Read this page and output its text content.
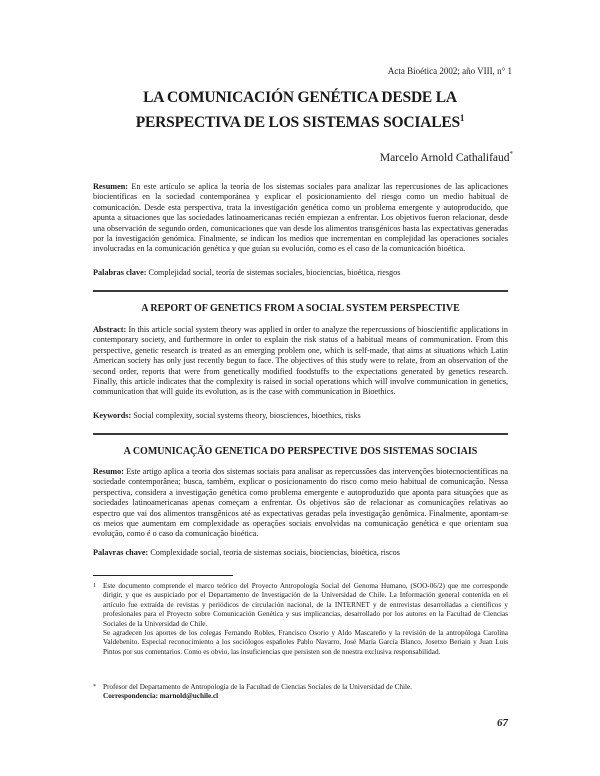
Acta Bioética 2002; año VIII, n° 1
LA COMUNICACIÓN GENÉTICA DESDE LA
PERSPECTIVA DE LOS SISTEMAS SOCIALES$^1$
Marcelo Arnold Cathalifaud*
Resumen: En este artículo se aplica la teoría de los sistemas sociales para analizar las repercusiones de las aplicaciones biocientíficas en la sociedad contemporánea y explicar el posicionamiento del riesgo como un medio habitual de comunicación. Desde esta perspectiva, trata la investigación genética como un problema emergente y autoproducido, que apunta a situaciones que las sociedades latinoamericanas recién empiezan a enfrentar. Los objetivos fueron relacionar, desde una observación de segundo orden, comunicaciones que van desde los alimentos transgénicos hasta las expectativas generadas por la investigación genómica. Finalmente, se indican los medios que incrementan en complejidad las operaciones sociales involucradas en la comunicación genética y que guían su evolución, como es el caso de la comunicación bioética.
Palabras clave: Complejidad social, teoría de sistemas sociales, biociencias, bioética, riesgos
A REPORT OF GENETICS FROM A SOCIAL SYSTEM PERSPECTIVE
Abstract: In this article social system theory was applied in order to analyze the repercussions of bioscientific applications in contemporary society, and furthermore in order to explain the risk status of a habitual means of communication. From this perspective, genetic research is treated as an emerging problem one, which is self-made, that aims at situations which Latin American society has only just recently begun to face. The objectives of this study were to relate, from an observation of the second order, reports that were from genetically modified foodstuffs to the expectations generated by genetics research. Finally, this article indicates that the complexity is raised in social operations which will involve communication in genetics, communication that will guide its evolution, as is the case with communication in Bioethics.
Keywords: Social complexity, social systems theory, biosciences, bioethics, risks
A COMUNICAÇÃO GENETICA DO PERSPECTIVE DOS SISTEMAS SOCIAIS
Resumo: Este artigo aplica a teoria dos sistemas sociais para analisar as repercussões das intervenções biotecnocientíficas na sociedade contemporânea; busca, também, explicar o posicionamento do risco como meio habitual de comunicação. Nessa perspectiva, considera a investigação genética como problema emergente e autoproduzido que aponta para situações que as sociedades latinoamericanas apenas começam a enfrentar. Os objetivos são de relacionar as comunicações relativas ao espectro que vai dos alimentos transgênicos até as expectativas geradas pela investigação genômica. Finalmente, apontam-se os meios que aumentam em complexidade as operações sociais envolvidas na comunicação genética e que orientam sua evolução, como é o caso da comunicação bioética.
Palavras chave: Complexidade social, teoria de sistemas sociais, biociencias, bioética, riscos
1 Este documento comprende el marco teórico del Proyecto Antropología Social del Genoma Humano, (SOO-06/2) que me corresponde dirigir, y que es auspiciado por el Departamento de Investigación de la Universidad de Chile. La Información general contenida en el artículo fue extraída de revistas y periódicos de circulación nacional, de la INTERNET y de entrevistas desarrolladas a científicos y profesionales para el Proyecto sobre Comunicación Genética y sus implicancias, desarrollado por los autores en la Facultad de Ciencias Sociales de la Universidad de Chile.

Se agradecen los aportes de los colegas Fernando Robles, Francisco Osorio y Aldo Mascareño y la revisión de la antropóloga Carolina Valdebenito. Especial reconocimiento a los sociólogos españoles Pablo Navarro, José María García Blanco, Josetxo Beriain y Juan Luis Pintos por sus comentarios. Como es obvio, las insuficiencias que persisten son de nuestra exclusiva responsabilidad.

* Profesor del Departamento de Antropología de la Facultad de Ciencias Sociales de la Universidad de Chile.

Correspondencia: marnold@uchile.cl

67
